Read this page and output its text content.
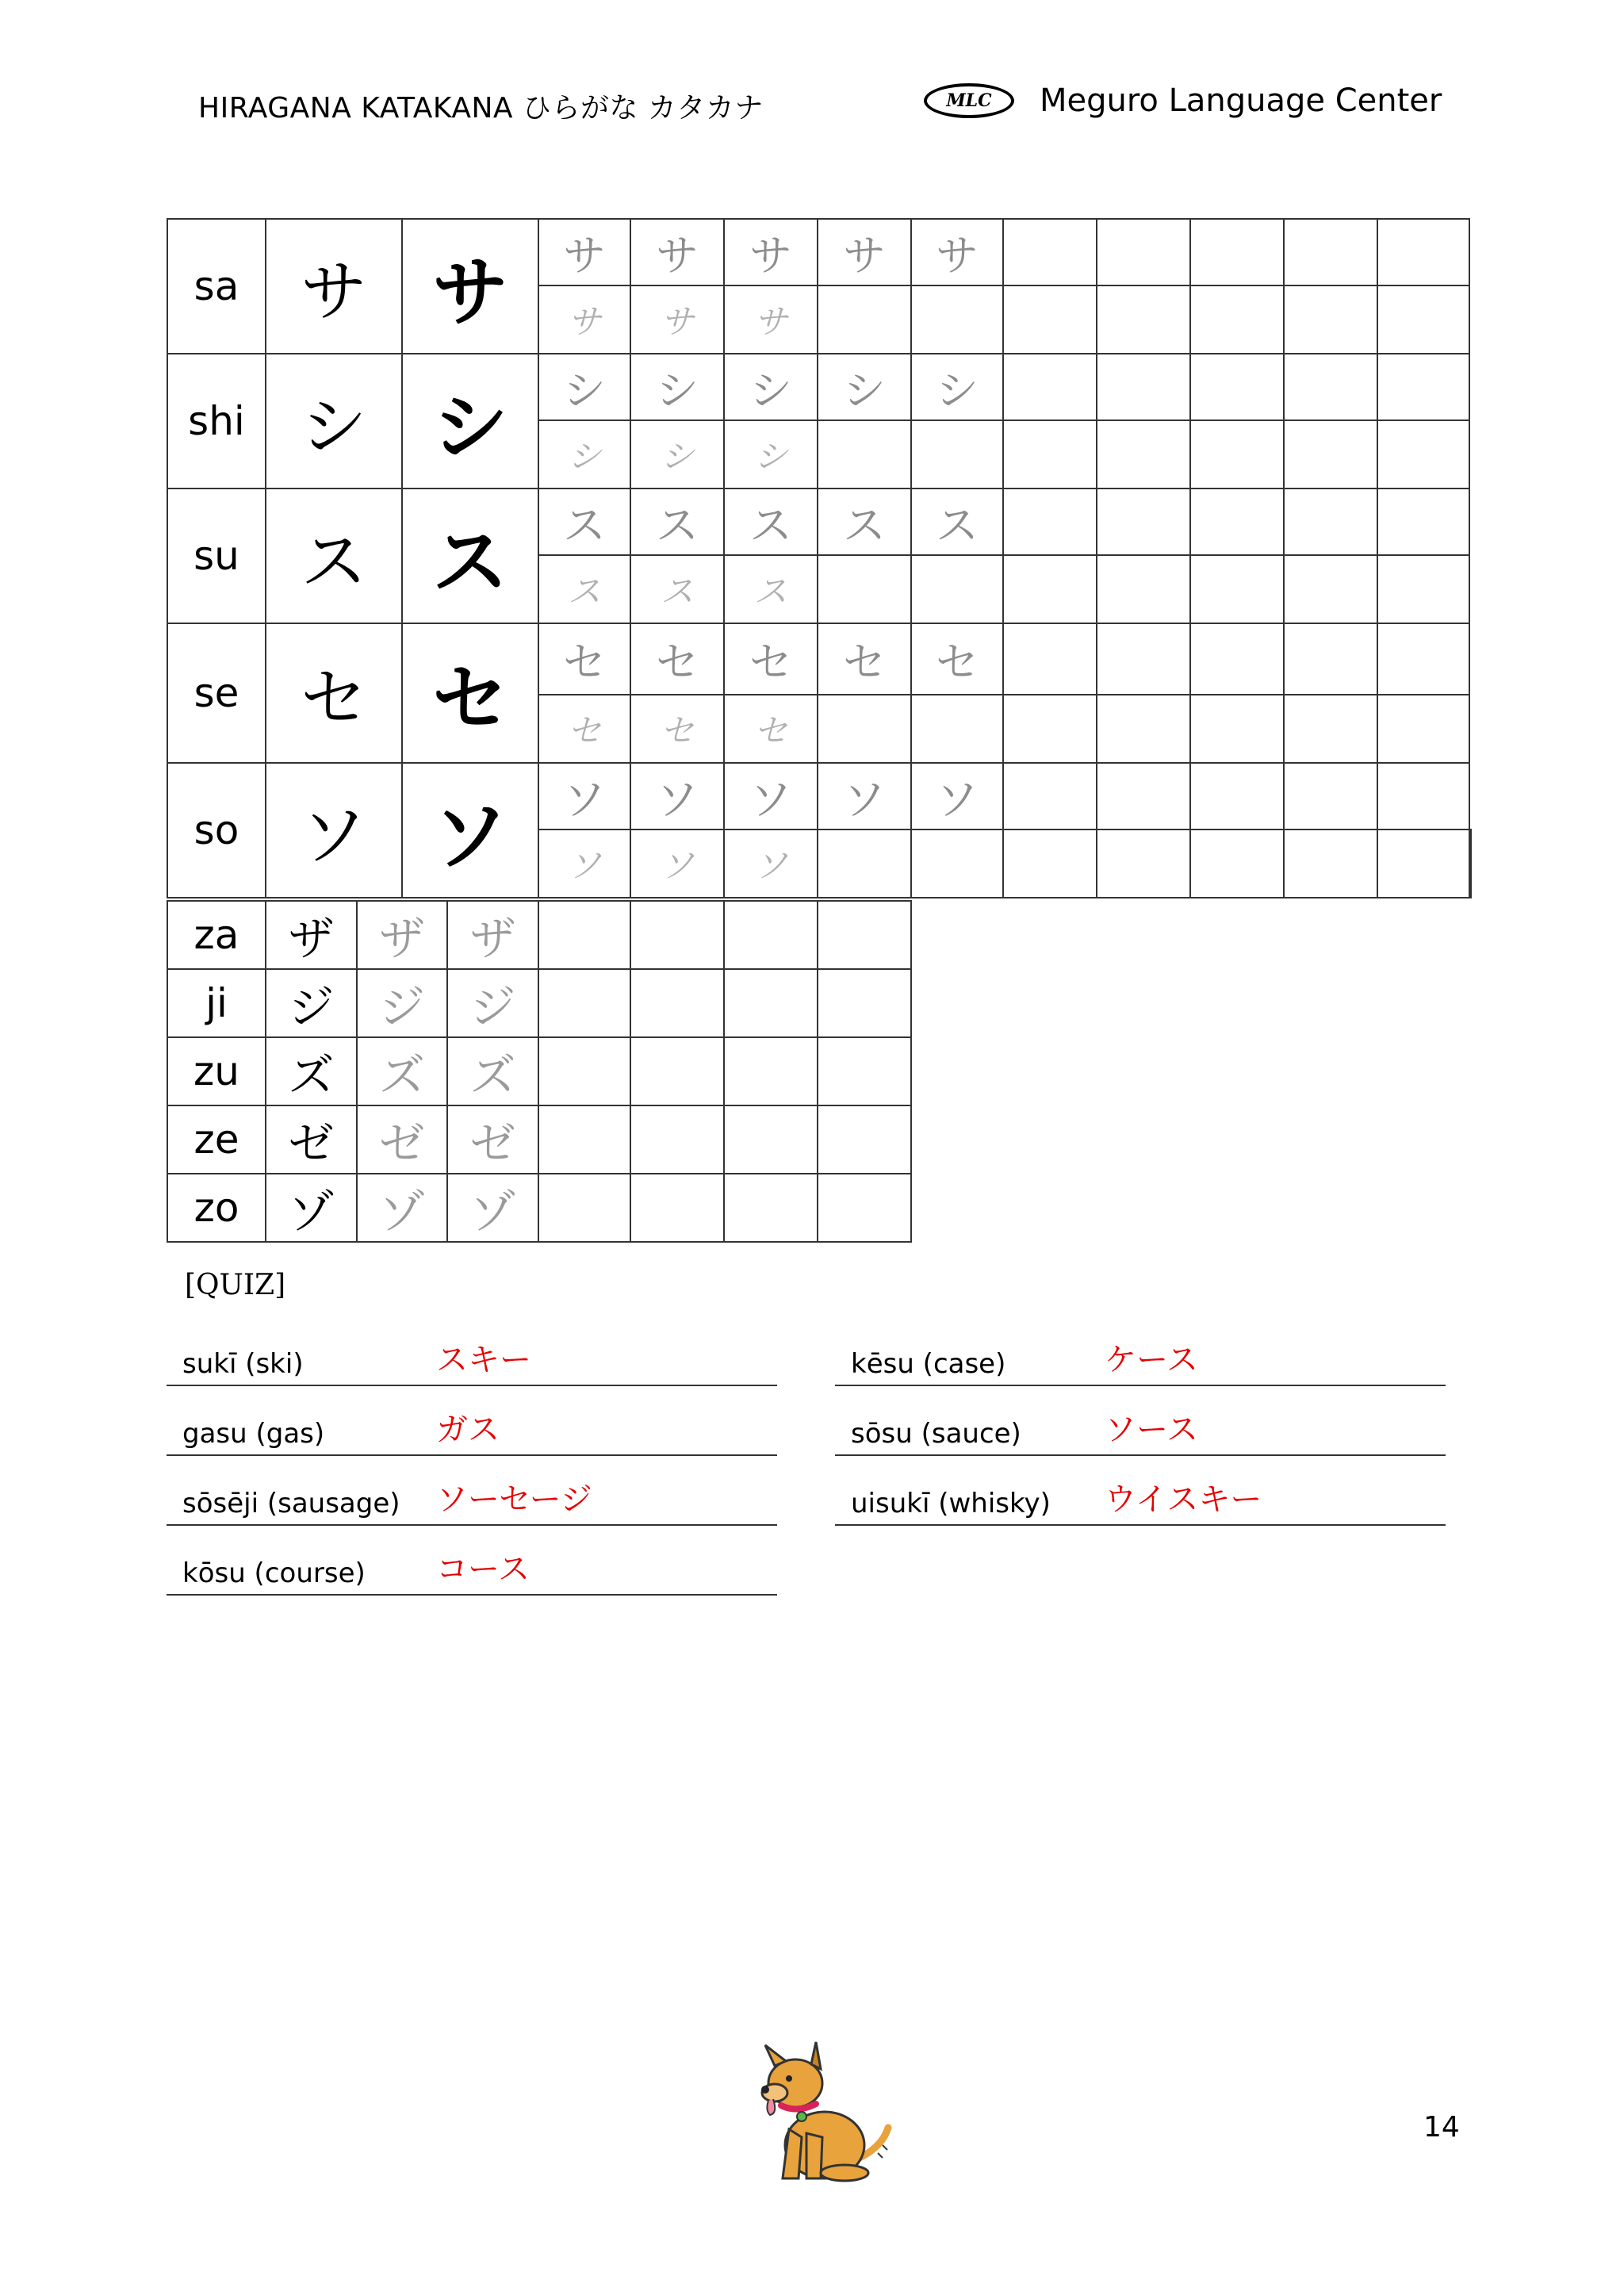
HIRAGANA KATAKANA ひらがな カタカナ	MLC	Meguro Language Center
sa	サ	サ	サ	サ	サ	サ	サ						
			サ	サ	サ								
shi	シ	シ	シ	シ	シ	シ	シ						
			シ	シ	シ								
su	ス	ス	ス	ス	ス	ス	ス						
			ス	ス	ス								
se	セ	セ	セ	セ	セ	セ	セ						
			セ	セ	セ								
so	ソ	ソ	ソ	ソ	ソ	ソ	ソ						
			ソ	ソ	ソ								
za	ザ	ザ	ザ				
ji	ジ	ジ	ジ				
zu	ズ	ズ	ズ				
ze	ゼ	ゼ	ゼ				
zo	ゾ	ゾ	ゾ				
[QUIZ]
sukī (ski)	スキー
gasu (gas)	ガス
sōsēji (sausage)	ソーセージ
kōsu (course)	コース
kēsu (case)	ケース
sōsu (sauce)	ソース
uisukī (whisky)	ウイスキー
14
